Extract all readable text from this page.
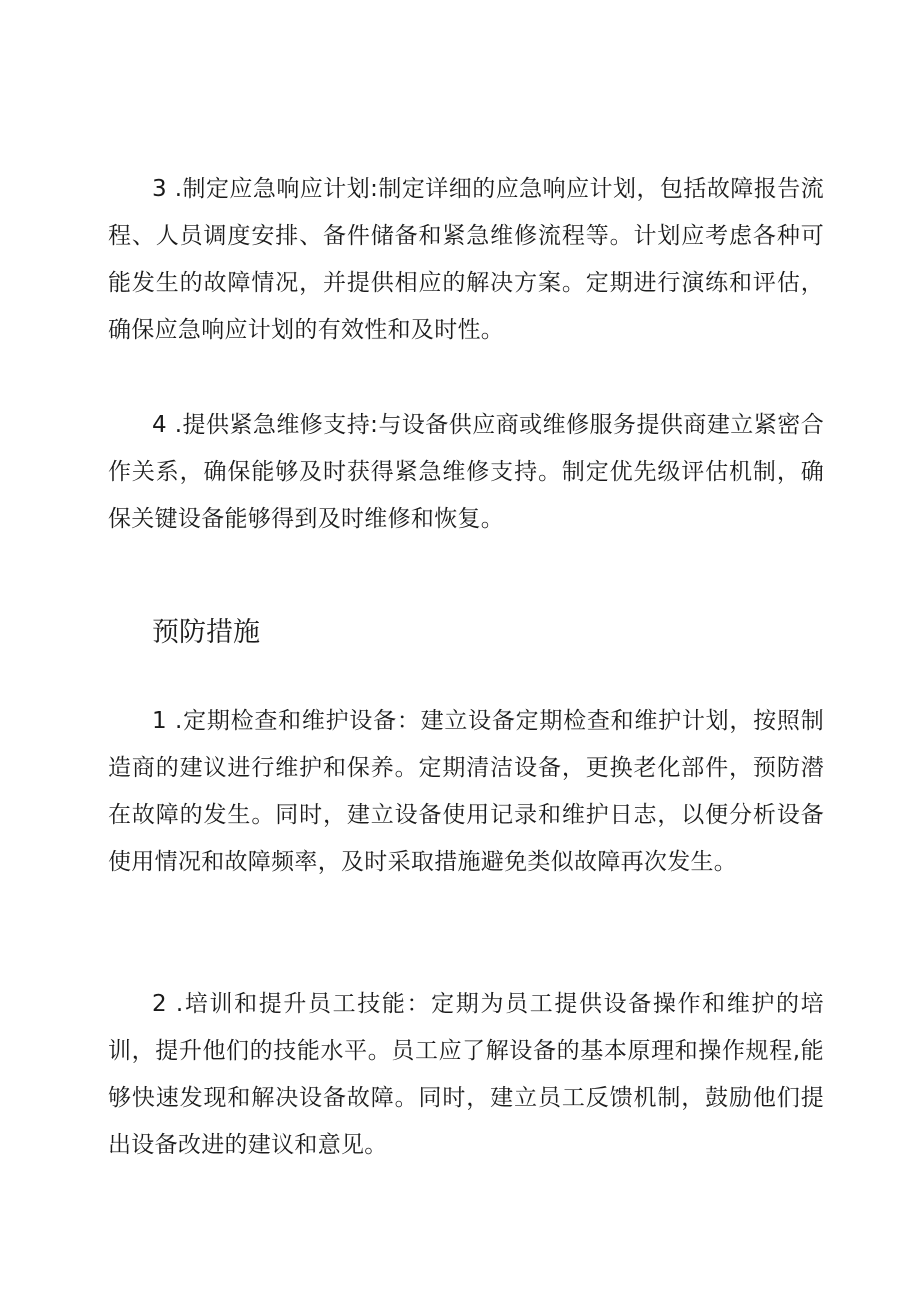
3 .制定应急响应计划:制定详细的应急响应计划，包括故障报告流程、人员调度安排、备件储备和紧急维修流程等。计划应考虑各种可能发生的故障情况，并提供相应的解决方案。定期进行演练和评估，确保应急响应计划的有效性和及时性。

4 .提供紧急维修支持:与设备供应商或维修服务提供商建立紧密合作关系，确保能够及时获得紧急维修支持。制定优先级评估机制，确保关键设备能够得到及时维修和恢复。

预防措施

1 .定期检查和维护设备：建立设备定期检查和维护计划，按照制造商的建议进行维护和保养。定期清洁设备，更换老化部件，预防潜在故障的发生。同时，建立设备使用记录和维护日志，以便分析设备使用情况和故障频率，及时采取措施避免类似故障再次发生。

2 .培训和提升员工技能：定期为员工提供设备操作和维护的培训，提升他们的技能水平。员工应了解设备的基本原理和操作规程,能够快速发现和解决设备故障。同时，建立员工反馈机制，鼓励他们提出设备改进的建议和意见。
